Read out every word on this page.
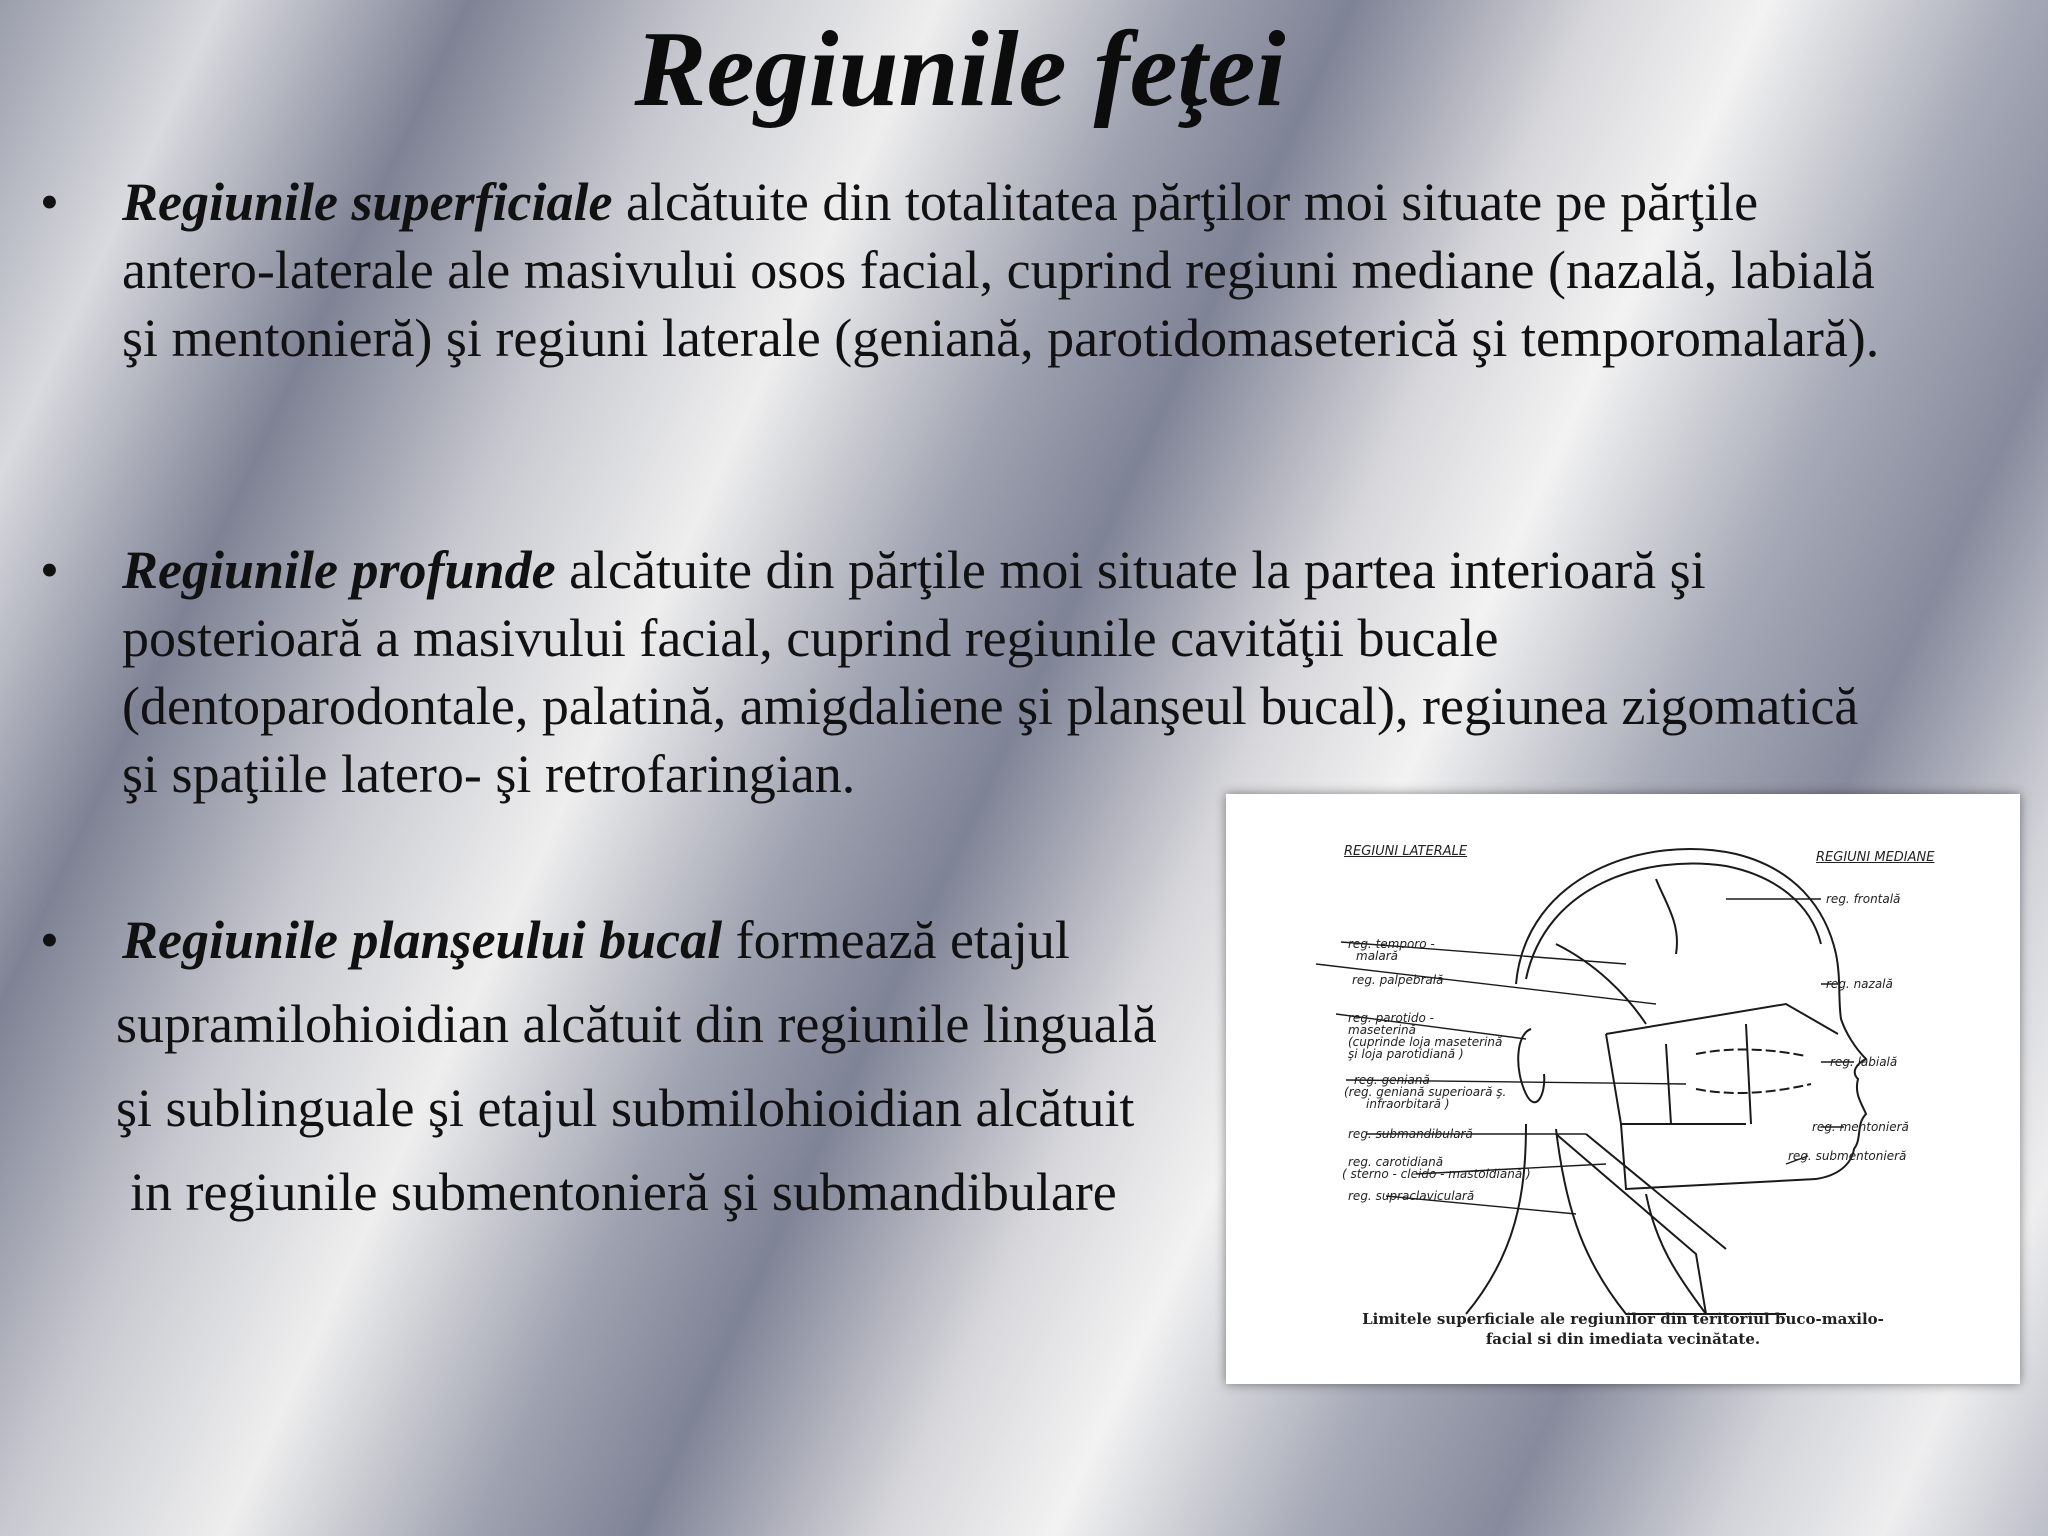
Regiunile feţei
•	Regiunile superficiale alcătuite din totalitatea părţilor moi situate pe părţile antero-laterale ale masivului osos facial, cuprind regiuni mediane (nazală, labială şi mentonieră) şi regiuni laterale (geniană, parotidomaseterică şi temporomalară).
•	Regiunile profunde alcătuite din părţile moi situate la partea interioară şi posterioară a masivului facial, cuprind regiunile cavităţii bucale (dentoparodontale, palatină, amigdaliene şi planşeul bucal), regiunea zigomatică şi spaţiile latero- şi retrofaringian.
•	Regiunile planşeului bucal formează etajul

supramilohioidian alcătuit din regiunile linguală

şi sublinguale şi etajul submilohioidian alcătuit

in regiunile submentonieră şi submandibulare

REGIUNI LATERALE	REGIUNI MEDIANE
reg. temporo -
malară
reg. palpebrală
reg. parotido -
maseterină
(cuprinde loja maseterină
şi loja parotidiană )
reg. geniană
(reg. geniană superioară ş.
infraorbitară )
reg. submandibulară
reg. carotidiană
( sterno - cleido - mastoidiană )
reg. supraclaviculară
reg. frontală
reg. nazală
reg. labială
reg. mentonieră
reg. submentonieră
Limitele superficiale ale regiunilor din teritoriul buco-maxilo-
facial si din imediata vecinătate.
